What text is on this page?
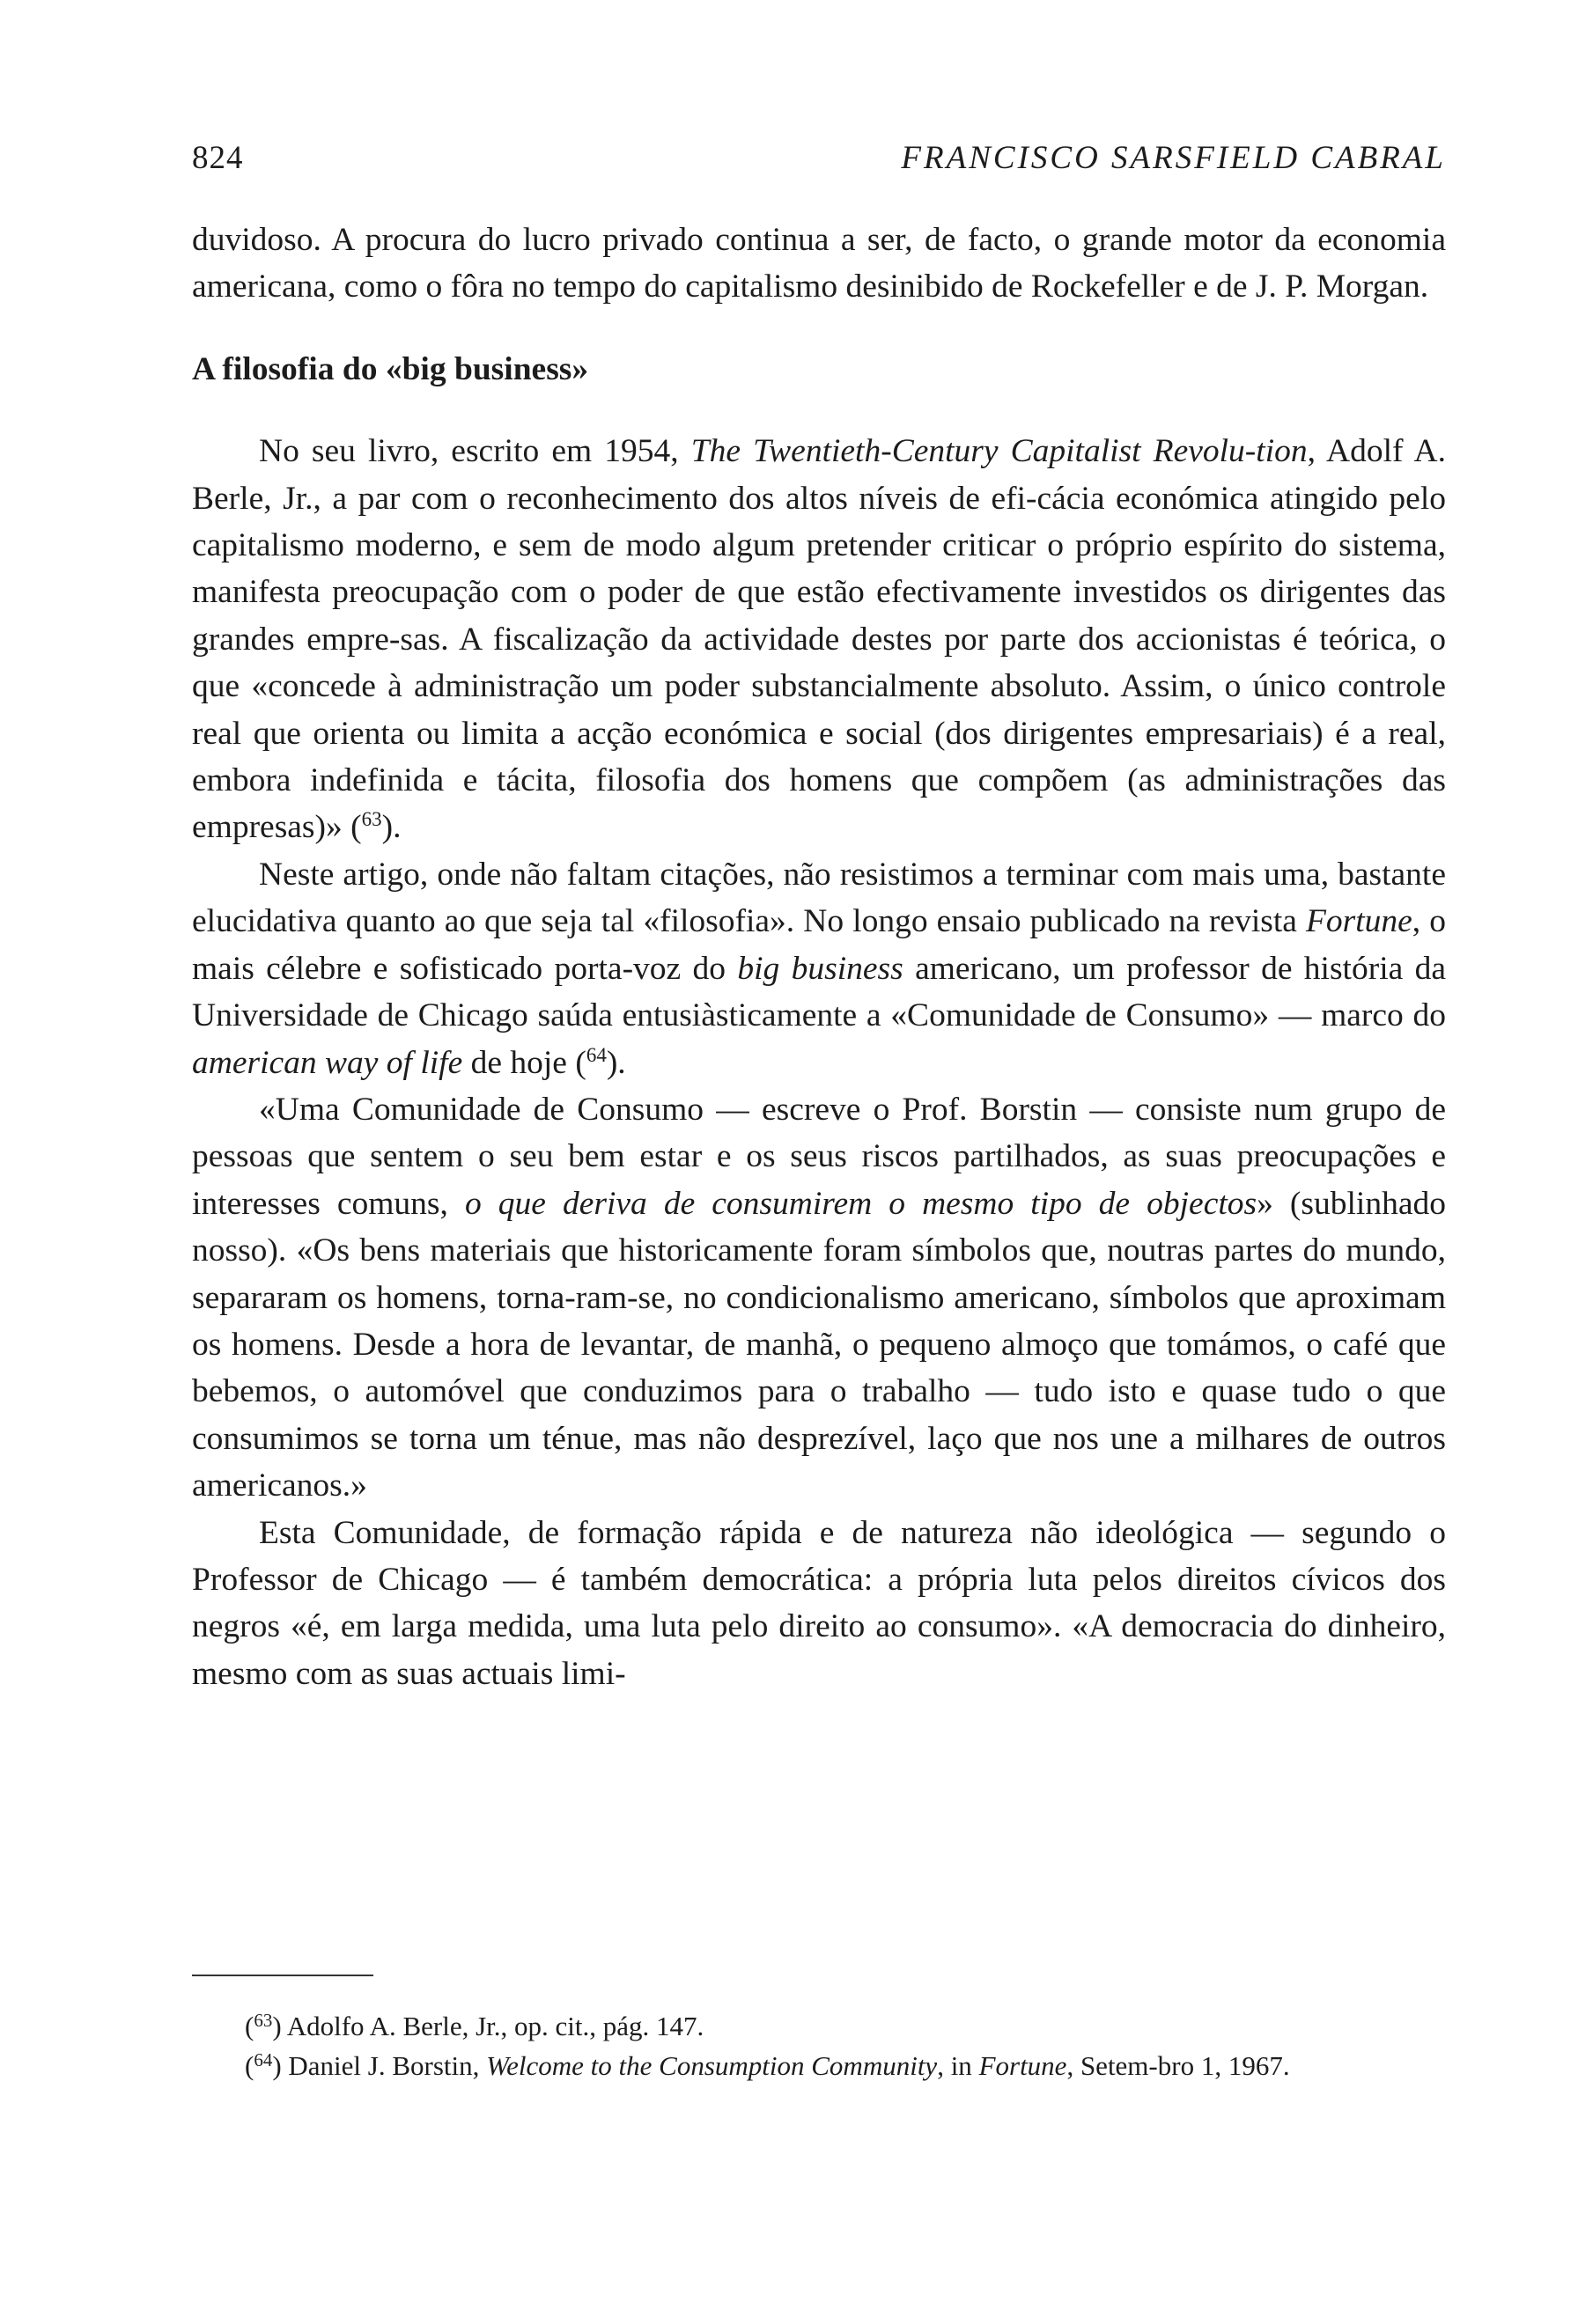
824	FRANCISCO SARSFIELD CABRAL

duvidoso. A procura do lucro privado continua a ser, de facto, o grande motor da economia americana, como o fôra no tempo do capitalismo desinibido de Rockefeller e de J. P. Morgan.

A filosofia do «big business»

No seu livro, escrito em 1954, The Twentieth-Century Capitalist Revolu-tion, Adolf A. Berle, Jr., a par com o reconhecimento dos altos níveis de efi-cácia económica atingido pelo capitalismo moderno, e sem de modo algum pretender criticar o próprio espírito do sistema, manifesta preocupação com o poder de que estão efectivamente investidos os dirigentes das grandes empre-sas. A fiscalização da actividade destes por parte dos accionistas é teórica, o que «concede à administração um poder substancialmente absoluto. Assim, o único controle real que orienta ou limita a acção económica e social (dos dirigentes empresariais) é a real, embora indefinida e tácita, filosofia dos homens que compõem (as administrações das empresas)» ($^{63}$).

Neste artigo, onde não faltam citações, não resistimos a terminar com mais uma, bastante elucidativa quanto ao que seja tal «filosofia». No longo ensaio publicado na revista Fortune, o mais célebre e sofisticado porta-voz do big business americano, um professor de história da Universidade de Chicago saúda entusiàsticamente a «Comunidade de Consumo» — marco do american way of life de hoje ($^{64}$).

«Uma Comunidade de Consumo — escreve o Prof. Borstin — consiste num grupo de pessoas que sentem o seu bem estar e os seus riscos partilhados, as suas preocupações e interesses comuns, o que deriva de consumirem o mesmo tipo de objectos» (sublinhado nosso). «Os bens materiais que historicamente foram símbolos que, noutras partes do mundo, separaram os homens, torna-ram-se, no condicionalismo americano, símbolos que aproximam os homens. Desde a hora de levantar, de manhã, o pequeno almoço que tomámos, o café que bebemos, o automóvel que conduzimos para o trabalho — tudo isto e quase tudo o que consumimos se torna um ténue, mas não desprezível, laço que nos une a milhares de outros americanos.»

Esta Comunidade, de formação rápida e de natureza não ideológica — segundo o Professor de Chicago — é também democrática: a própria luta pelos direitos cívicos dos negros «é, em larga medida, uma luta pelo direito ao consumo». «A democracia do dinheiro, mesmo com as suas actuais limi-

($^{63}$) Adolfo A. Berle, Jr., op. cit., pág. 147.

($^{64}$) Daniel J. Borstin, Welcome to the Consumption Community, in Fortune, Setem-bro 1, 1967.
